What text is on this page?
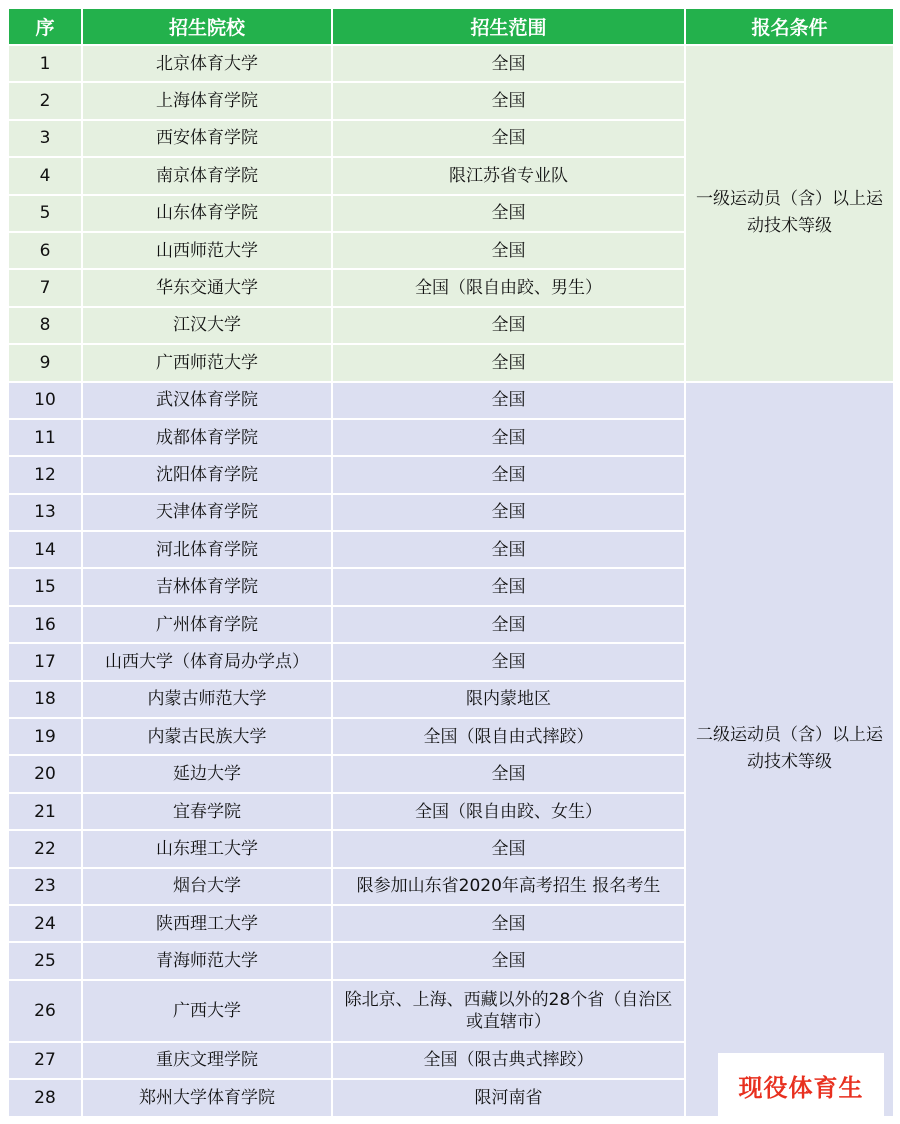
序	招生院校	招生范围	报名条件
1	北京体育大学	全国	一级运动员（含）以上运动技术等级
2	上海体育学院	全国	
3	西安体育学院	全国	
4	南京体育学院	限江苏省专业队	
5	山东体育学院	全国	
6	山西师范大学	全国	
7	华东交通大学	全国（限自由跤、男生）	
8	江汉大学	全国	
9	广西师范大学	全国	
10	武汉体育学院	全国	二级运动员（含）以上运动技术等级
11	成都体育学院	全国	
12	沈阳体育学院	全国	
13	天津体育学院	全国	
14	河北体育学院	全国	
15	吉林体育学院	全国	
16	广州体育学院	全国	
17	山西大学（体育局办学点）	全国	
18	内蒙古师范大学	限内蒙地区	
19	内蒙古民族大学	全国（限自由式摔跤）	
20	延边大学	全国	
21	宜春学院	全国（限自由跤、女生）	
22	山东理工大学	全国	
23	烟台大学	限参加山东省2020年高考招生 报名考生	
24	陕西理工大学	全国	
25	青海师范大学	全国	
26	广西大学	除北京、上海、西藏以外的28个省（自治区或直辖市）	
27	重庆文理学院	全国（限古典式摔跤）	
28	郑州大学体育学院	限河南省		现役体育生
